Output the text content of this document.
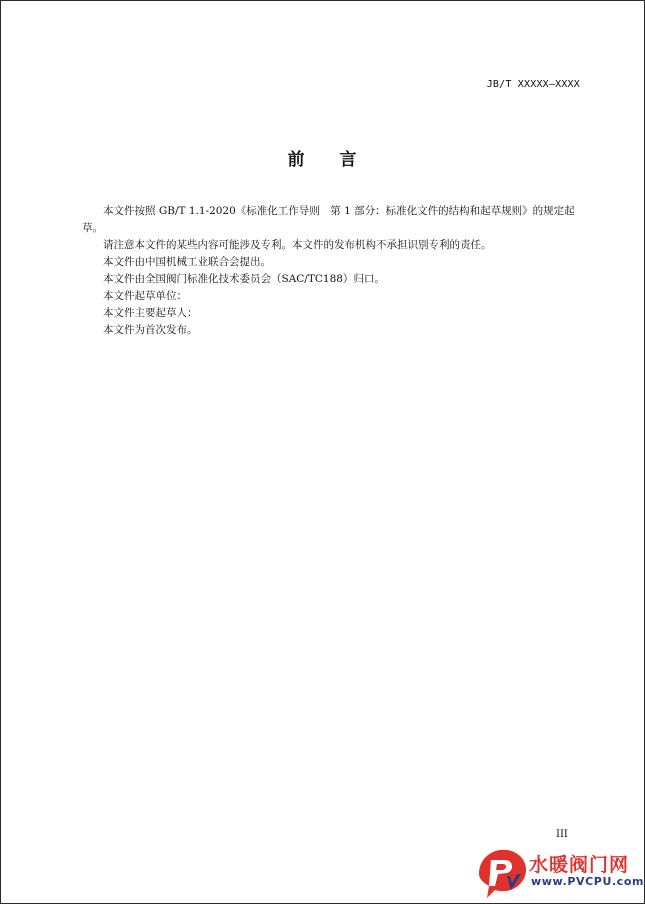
JB/T XXXXX—XXXX
前 言

本文件按照 GB/T 1.1-2020《标准化工作导则　第 1 部分：标准化文件的结构和起草规则》的规定起草。

请注意本文件的某些内容可能涉及专利。本文件的发布机构不承担识别专利的责任。

本文件由中国机械工业联合会提出。

本文件由全国阀门标准化技术委员会（SAC/TC188）归口。

本文件起草单位：

本文件主要起草人：

本文件为首次发布。

III
水暖阀门网
www.PVCPU.com
